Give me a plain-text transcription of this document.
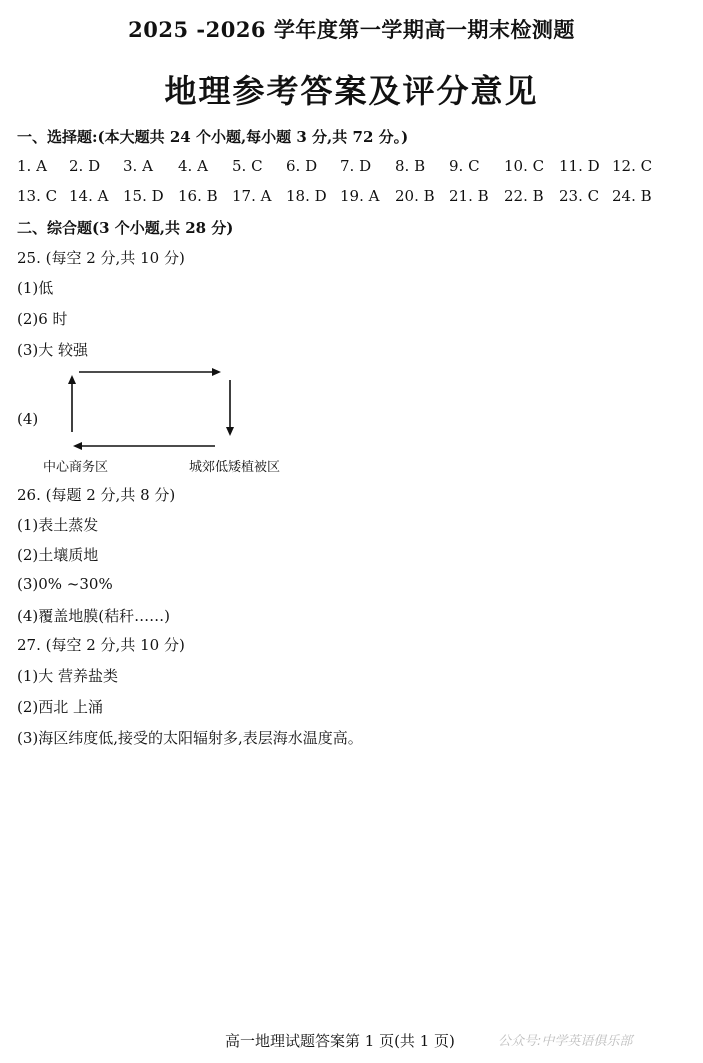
2025 -2026 学年度第一学期高一期末检测题
地理参考答案及评分意见
一、选择题:(本大题共 24 个小题,每小题 3 分,共 72 分。)
1. A 2. D 3. A 4. A 5. C 6. D 7. D 8. B 9. C 10. C 11. D 12. C
13. C 14. A 15. D 16. B 17. A 18. D 19. A 20. B 21. B 22. B 23. C 24. B
二、综合题(3 个小题,共 28 分)
25. (每空 2 分,共 10 分)
(1)低
(2)6 时
(3)大 较强
(4)
中心商务区	城郊低矮植被区
26. (每题 2 分,共 8 分)
(1)表土蒸发
(2)土壤质地
(3)0% ~30%
(4)覆盖地膜(秸秆……)
27. (每空 2 分,共 10 分)
(1)大 营养盐类
(2)西北 上涌
(3)海区纬度低,接受的太阳辐射多,表层海水温度高。
高一地理试题答案第 1 页(共 1 页)	公众号:中学英语俱乐部
